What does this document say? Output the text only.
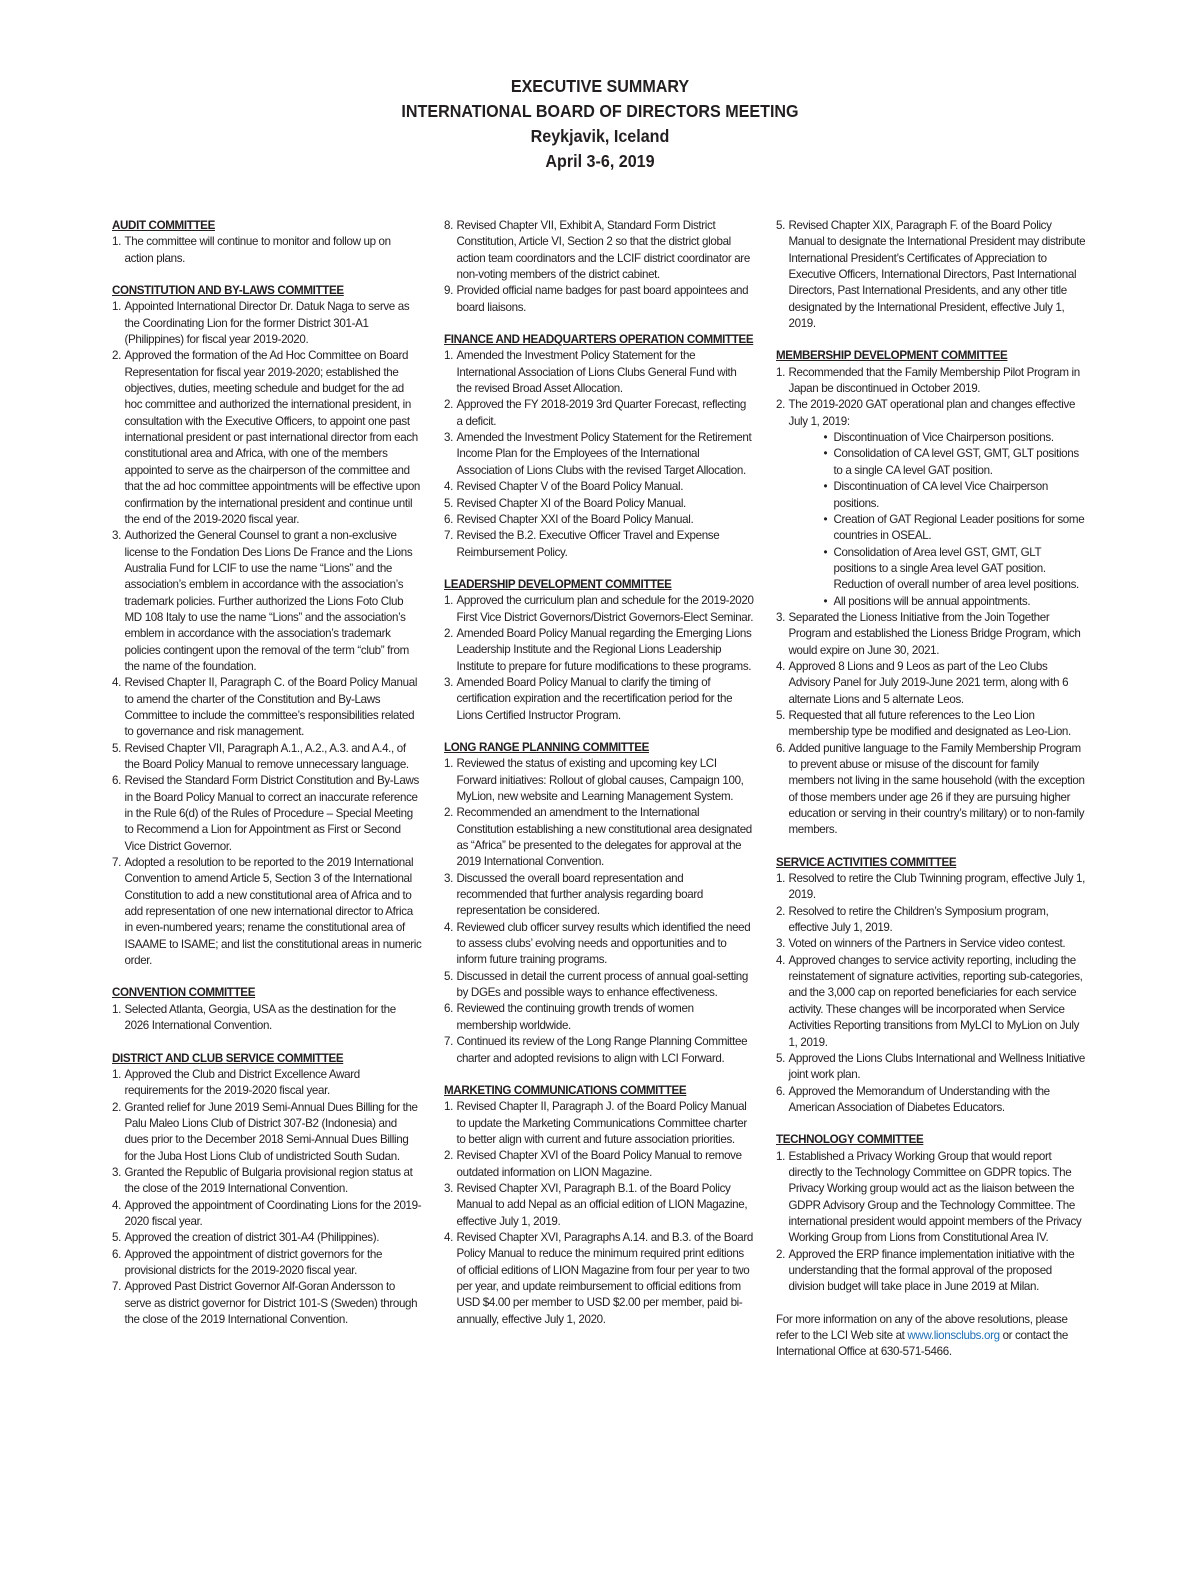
EXECUTIVE SUMMARY
INTERNATIONAL BOARD OF DIRECTORS MEETING
Reykjavik, Iceland
April 3-6, 2019
AUDIT COMMITTEE
1. The committee will continue to monitor and follow up on action plans.
CONSTITUTION AND BY-LAWS COMMITTEE
1. Appointed International Director Dr. Datuk Naga to serve as the Coordinating Lion for the former District 301-A1 (Philippines) for fiscal year 2019-2020.
2. Approved the formation of the Ad Hoc Committee on Board Representation for fiscal year 2019-2020; established the objectives, duties, meeting schedule and budget for the ad hoc committee and authorized the international president, in consultation with the Executive Officers, to appoint one past international president or past international director from each constitutional area and Africa, with one of the members appointed to serve as the chairperson of the committee and that the ad hoc committee appointments will be effective upon confirmation by the international president and continue until the end of the 2019-2020 fiscal year.
3. Authorized the General Counsel to grant a non-exclusive license to the Fondation Des Lions De France and the Lions Australia Fund for LCIF to use the name “Lions” and the association’s emblem in accordance with the association’s trademark policies. Further authorized the Lions Foto Club MD 108 Italy to use the name “Lions” and the association’s emblem in accordance with the association’s trademark policies contingent upon the removal of the term “club” from the name of the foundation.
4. Revised Chapter II, Paragraph C. of the Board Policy Manual to amend the charter of the Constitution and By-Laws Committee to include the committee’s responsibilities related to governance and risk management.
5. Revised Chapter VII, Paragraph A.1., A.2., A.3. and A.4., of the Board Policy Manual to remove unnecessary language.
6. Revised the Standard Form District Constitution and By-Laws in the Board Policy Manual to correct an inaccurate reference in the Rule 6(d) of the Rules of Procedure – Special Meeting to Recommend a Lion for Appointment as First or Second Vice District Governor.
7. Adopted a resolution to be reported to the 2019 International Convention to amend Article 5, Section 3 of the International Constitution to add a new constitutional area of Africa and to add representation of one new international director to Africa in even-numbered years; rename the constitutional area of ISAAME to ISAME; and list the constitutional areas in numeric order.
CONVENTION COMMITTEE
1. Selected Atlanta, Georgia, USA as the destination for the 2026 International Convention.
DISTRICT AND CLUB SERVICE COMMITTEE
1. Approved the Club and District Excellence Award requirements for the 2019-2020 fiscal year.
2. Granted relief for June 2019 Semi-Annual Dues Billing for the Palu Maleo Lions Club of District 307-B2 (Indonesia) and dues prior to the December 2018 Semi-Annual Dues Billing for the Juba Host Lions Club of undistricted South Sudan.
3. Granted the Republic of Bulgaria provisional region status at the close of the 2019 International Convention.
4. Approved the appointment of Coordinating Lions for the 2019-2020 fiscal year.
5. Approved the creation of district 301-A4 (Philippines).
6. Approved the appointment of district governors for the provisional districts for the 2019-2020 fiscal year.
7. Approved Past District Governor Alf-Goran Andersson to serve as district governor for District 101-S (Sweden) through the close of the 2019 International Convention.
8. Revised Chapter VII, Exhibit A, Standard Form District Constitution, Article VI, Section 2 so that the district global action team coordinators and the LCIF district coordinator are non-voting members of the district cabinet.
9. Provided official name badges for past board appointees and board liaisons.
FINANCE AND HEADQUARTERS OPERATION COMMITTEE
1. Amended the Investment Policy Statement for the International Association of Lions Clubs General Fund with the revised Broad Asset Allocation.
2. Approved the FY 2018-2019 3rd Quarter Forecast, reflecting a deficit.
3. Amended the Investment Policy Statement for the Retirement Income Plan for the Employees of the International Association of Lions Clubs with the revised Target Allocation.
4. Revised Chapter V of the Board Policy Manual.
5. Revised Chapter XI of the Board Policy Manual.
6. Revised Chapter XXI of the Board Policy Manual.
7. Revised the B.2. Executive Officer Travel and Expense Reimbursement Policy.
LEADERSHIP DEVELOPMENT COMMITTEE
1. Approved the curriculum plan and schedule for the 2019-2020 First Vice District Governors/District Governors-Elect Seminar.
2. Amended Board Policy Manual regarding the Emerging Lions Leadership Institute and the Regional Lions Leadership Institute to prepare for future modifications to these programs.
3. Amended Board Policy Manual to clarify the timing of certification expiration and the recertification period for the Lions Certified Instructor Program.
LONG RANGE PLANNING COMMITTEE
1. Reviewed the status of existing and upcoming key LCI Forward initiatives: Rollout of global causes, Campaign 100, MyLion, new website and Learning Management System.
2. Recommended an amendment to the International Constitution establishing a new constitutional area designated as “Africa” be presented to the delegates for approval at the 2019 International Convention.
3. Discussed the overall board representation and recommended that further analysis regarding board representation be considered.
4. Reviewed club officer survey results which identified the need to assess clubs’ evolving needs and opportunities and to inform future training programs.
5. Discussed in detail the current process of annual goal-setting by DGEs and possible ways to enhance effectiveness.
6. Reviewed the continuing growth trends of women membership worldwide.
7. Continued its review of the Long Range Planning Committee charter and adopted revisions to align with LCI Forward.
MARKETING COMMUNICATIONS COMMITTEE
1. Revised Chapter II, Paragraph J. of the Board Policy Manual to update the Marketing Communications Committee charter to better align with current and future association priorities.
2. Revised Chapter XVI of the Board Policy Manual to remove outdated information on LION Magazine.
3. Revised Chapter XVI, Paragraph B.1. of the Board Policy Manual to add Nepal as an official edition of LION Magazine, effective July 1, 2019.
4. Revised Chapter XVI, Paragraphs A.14. and B.3. of the Board Policy Manual to reduce the minimum required print editions of official editions of LION Magazine from four per year to two per year, and update reimbursement to official editions from USD $4.00 per member to USD $2.00 per member, paid bi-annually, effective July 1, 2020.
5. Revised Chapter XIX, Paragraph F. of the Board Policy Manual to designate the International President may distribute International President’s Certificates of Appreciation to Executive Officers, International Directors, Past International Directors, Past International Presidents, and any other title designated by the International President, effective July 1, 2019.
MEMBERSHIP DEVELOPMENT COMMITTEE
1. Recommended that the Family Membership Pilot Program in Japan be discontinued in October 2019.
2. The 2019-2020 GAT operational plan and changes effective July 1, 2019:
• Discontinuation of Vice Chairperson positions.
• Consolidation of CA level GST, GMT, GLT positions to a single CA level GAT position.
• Discontinuation of CA level Vice Chairperson positions.
• Creation of GAT Regional Leader positions for some countries in OSEAL.
• Consolidation of Area level GST, GMT, GLT positions to a single Area level GAT position. Reduction of overall number of area level positions.
• All positions will be annual appointments.
3. Separated the Lioness Initiative from the Join Together Program and established the Lioness Bridge Program, which would expire on June 30, 2021.
4. Approved 8 Lions and 9 Leos as part of the Leo Clubs Advisory Panel for July 2019-June 2021 term, along with 6 alternate Lions and 5 alternate Leos.
5. Requested that all future references to the Leo Lion membership type be modified and designated as Leo-Lion.
6. Added punitive language to the Family Membership Program to prevent abuse or misuse of the discount for family members not living in the same household (with the exception of those members under age 26 if they are pursuing higher education or serving in their country’s military) or to non-family members.
SERVICE ACTIVITIES COMMITTEE
1. Resolved to retire the Club Twinning program, effective July 1, 2019.
2. Resolved to retire the Children’s Symposium program, effective July 1, 2019.
3. Voted on winners of the Partners in Service video contest.
4. Approved changes to service activity reporting, including the reinstatement of signature activities, reporting sub-categories, and the 3,000 cap on reported beneficiaries for each service activity. These changes will be incorporated when Service Activities Reporting transitions from MyLCI to MyLion on July 1, 2019.
5. Approved the Lions Clubs International and Wellness Initiative joint work plan.
6. Approved the Memorandum of Understanding with the American Association of Diabetes Educators.
TECHNOLOGY COMMITTEE
1. Established a Privacy Working Group that would report directly to the Technology Committee on GDPR topics. The Privacy Working group would act as the liaison between the GDPR Advisory Group and the Technology Committee. The international president would appoint members of the Privacy Working Group from Lions from Constitutional Area IV.
2. Approved the ERP finance implementation initiative with the understanding that the formal approval of the proposed division budget will take place in June 2019 at Milan.
For more information on any of the above resolutions, please refer to the LCI Web site at www.lionsclubs.org or contact the International Office at 630-571-5466.
